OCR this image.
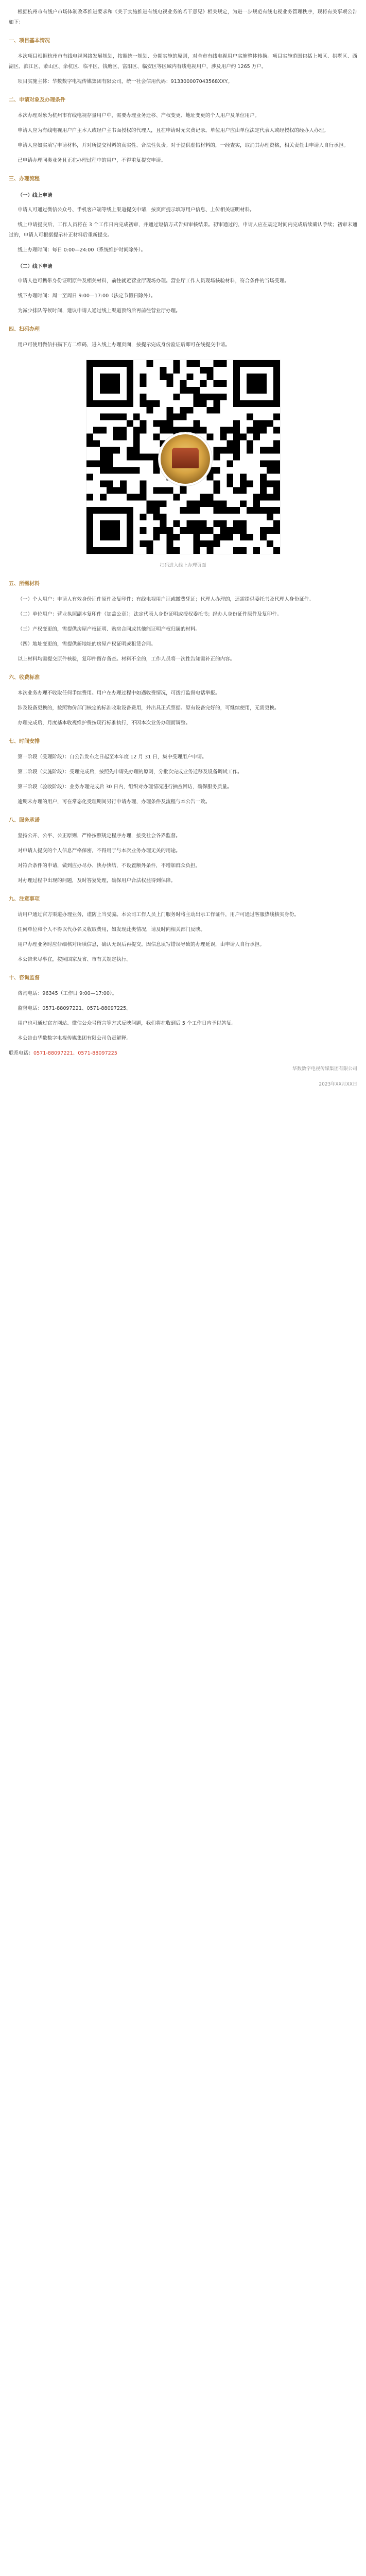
根据杭州市有线户市场体制改革推进要求和《关于实施推进有线电视业务的若干意见》相关规定，为进一步规范有线电视业务管理秩序，现将有关事项公告如下：

一、项目基本情况

本次项目根据杭州市有线电视网络发展规划，按照统一规划、分期实施的原则，对全市有线电视用户实施整体转换。项目实施范围包括上城区、拱墅区、西湖区、滨江区、萧山区、余杭区、临平区、钱塘区、富阳区、临安区等区域内有线电视用户，涉及用户约 1265 万户。

项目实施主体：华数数字电视传媒集团有限公司，统一社会信用代码：913300007043568XXY。

二、申请对象及办理条件

本次办理对象为杭州市有线电视存量用户中，需要办理业务迁移、产权变更、地址变更的个人用户及单位用户。

申请人应为有线电视用户户主本人或经户主书面授权的代理人，且在申请时无欠费记录。单位用户应由单位法定代表人或经授权的经办人办理。

申请人应如实填写申请材料，并对所提交材料的真实性、合法性负责。对于提供虚假材料的，一经查实，取消其办理资格，相关责任由申请人自行承担。

已申请办理同类业务且正在办理过程中的用户，不得重复提交申请。

三、办理流程
（一）线上申请

申请人可通过微信公众号、手机客户端等线上渠道提交申请，按页面提示填写用户信息、上传相关证明材料。

线上申请提交后，工作人员将在 3 个工作日内完成初审，并通过短信方式告知审核结果。初审通过的，申请人应在规定时间内完成后续确认手续；初审未通过的，申请人可根据提示补正材料后重新提交。

线上办理时间：每日 0:00—24:00（系统维护时间除外）。

（二）线下申请

申请人也可携带身份证明原件及相关材料，前往就近营业厅现场办理。营业厅工作人员现场核验材料，符合条件的当场受理。

线下办理时间：周一至周日 9:00—17:00（法定节假日除外）。

为减少排队等候时间，建议申请人通过线上渠道预约后再前往营业厅办理。

四、扫码办理

用户可使用微信扫描下方二维码，进入线上办理页面，按提示完成身份验证后即可在线提交申请。

扫码进入线上办理页面
五、所需材料

（一）个人用户：申请人有效身份证件原件及复印件；有线电视用户证或缴费凭证；代理人办理的，还需提供委托书及代理人身份证件。

（二）单位用户：营业执照副本复印件（加盖公章）；法定代表人身份证明或授权委托书；经办人身份证件原件及复印件。

（三）产权变更的，需提供房屋产权证明、购房合同或其他能证明产权归属的材料。

（四）地址变更的，需提供新地址的房屋产权证明或租赁合同。

以上材料均需提交原件核验，复印件留存备查。材料不全的，工作人员将一次性告知需补正的内容。

六、收费标准

本次业务办理不收取任何手续费用。用户在办理过程中如遇收费情况，可拨打监督电话举报。

涉及设备更换的，按照物价部门核定的标准收取设备费用，并出具正式票据。原有设备完好的，可继续使用，无需更换。

办理完成后，月度基本收视维护费按现行标准执行，不因本次业务办理而调整。

七、时间安排

第一阶段（受理阶段）：自公告发布之日起至本年度 12 月 31 日，集中受理用户申请。

第二阶段（实施阶段）：受理完成后，按照先申请先办理的原则，分批次完成业务迁移及设备调试工作。

第三阶段（验收阶段）：业务办理完成后 30 日内，组织对办理情况进行抽查回访，确保服务质量。

逾期未办理的用户，可在常态化受理期间另行申请办理，办理条件及流程与本公告一致。

八、服务承诺

坚持公开、公平、公正原则，严格按照规定程序办理，接受社会各界监督。

对申请人提交的个人信息严格保密，不得用于与本次业务办理无关的用途。

对符合条件的申请，做到应办尽办、快办快结，不设置额外条件，不增加群众负担。

对办理过程中出现的问题，及时答复处理，确保用户合法权益得到保障。

九、注意事项

请用户通过官方渠道办理业务，谨防上当受骗。本公司工作人员上门服务时将主动出示工作证件，用户可通过客服热线核实身份。

任何单位和个人不得以代办名义收取费用，如发现此类情况，请及时向相关部门反映。

用户办理业务时应仔细核对所填信息，确认无误后再提交。因信息填写错误导致的办理延误，由申请人自行承担。

本公告未尽事宜，按照国家及省、市有关规定执行。

十、咨询监督

咨询电话：96345（工作日 9:00—17:00）。

监督电话：0571-88097221、0571-88097225。

用户也可通过官方网站、微信公众号留言等方式反映问题，我们将在收到后 5 个工作日内予以答复。

本公告由华数数字电视传媒集团有限公司负责解释。

联系电话：0571-88097221、0571-88097225

华数数字电视传媒集团有限公司

2023年XX月XX日
